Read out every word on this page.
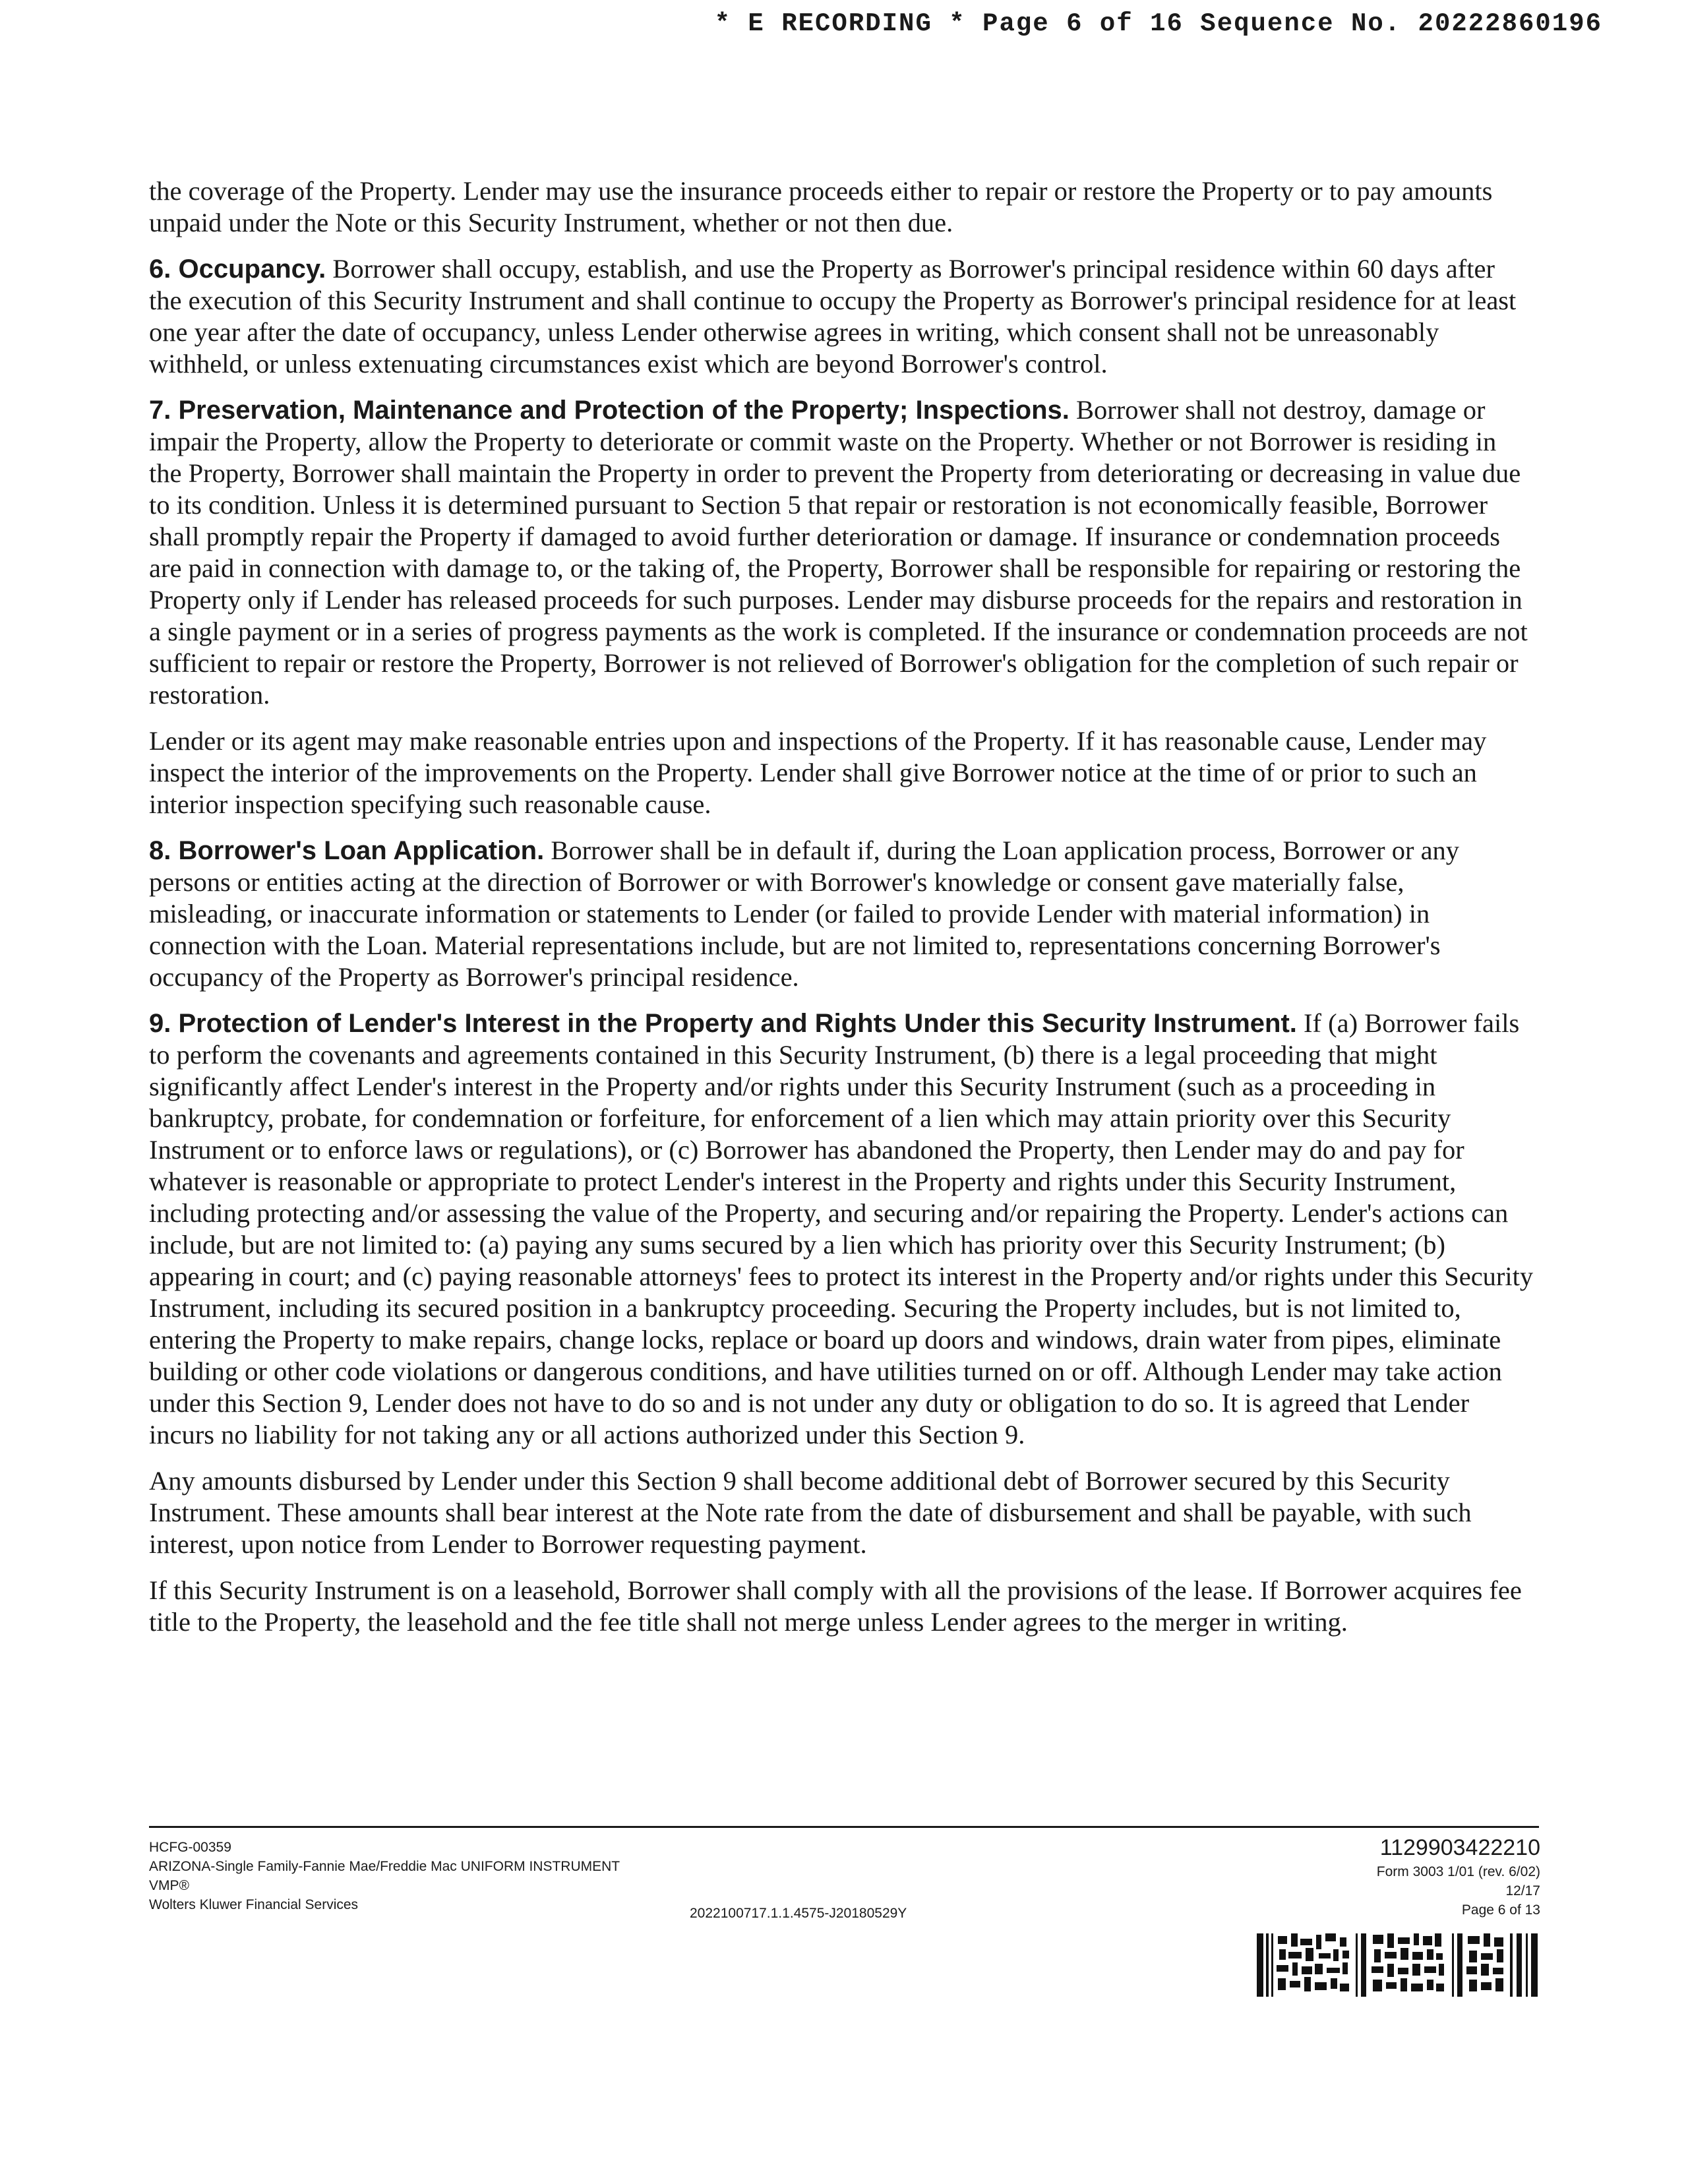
* E RECORDING * Page 6 of 16 Sequence No. 20222860196

the coverage of the Property. Lender may use the insurance proceeds either to repair or restore the Property or to pay amounts unpaid under the Note or this Security Instrument, whether or not then due.

6. Occupancy. Borrower shall occupy, establish, and use the Property as Borrower's principal residence within 60 days after the execution of this Security Instrument and shall continue to occupy the Property as Borrower's principal residence for at least one year after the date of occupancy, unless Lender otherwise agrees in writing, which consent shall not be unreasonably withheld, or unless extenuating circumstances exist which are beyond Borrower's control.

7. Preservation, Maintenance and Protection of the Property; Inspections. Borrower shall not destroy, damage or impair the Property, allow the Property to deteriorate or commit waste on the Property. Whether or not Borrower is residing in the Property, Borrower shall maintain the Property in order to prevent the Property from deteriorating or decreasing in value due to its condition. Unless it is determined pursuant to Section 5 that repair or restoration is not economically feasible, Borrower shall promptly repair the Property if damaged to avoid further deterioration or damage. If insurance or condemnation proceeds are paid in connection with damage to, or the taking of, the Property, Borrower shall be responsible for repairing or restoring the Property only if Lender has released proceeds for such purposes. Lender may disburse proceeds for the repairs and restoration in a single payment or in a series of progress payments as the work is completed. If the insurance or condemnation proceeds are not sufficient to repair or restore the Property, Borrower is not relieved of Borrower's obligation for the completion of such repair or restoration.

Lender or its agent may make reasonable entries upon and inspections of the Property. If it has reasonable cause, Lender may inspect the interior of the improvements on the Property. Lender shall give Borrower notice at the time of or prior to such an interior inspection specifying such reasonable cause.

8. Borrower's Loan Application. Borrower shall be in default if, during the Loan application process, Borrower or any persons or entities acting at the direction of Borrower or with Borrower's knowledge or consent gave materially false, misleading, or inaccurate information or statements to Lender (or failed to provide Lender with material information) in connection with the Loan. Material representations include, but are not limited to, representations concerning Borrower's occupancy of the Property as Borrower's principal residence.

9. Protection of Lender's Interest in the Property and Rights Under this Security Instrument. If (a) Borrower fails to perform the covenants and agreements contained in this Security Instrument, (b) there is a legal proceeding that might significantly affect Lender's interest in the Property and/or rights under this Security Instrument (such as a proceeding in bankruptcy, probate, for condemnation or forfeiture, for enforcement of a lien which may attain priority over this Security Instrument or to enforce laws or regulations), or (c) Borrower has abandoned the Property, then Lender may do and pay for whatever is reasonable or appropriate to protect Lender's interest in the Property and rights under this Security Instrument, including protecting and/or assessing the value of the Property, and securing and/or repairing the Property. Lender's actions can include, but are not limited to: (a) paying any sums secured by a lien which has priority over this Security Instrument; (b) appearing in court; and (c) paying reasonable attorneys' fees to protect its interest in the Property and/or rights under this Security Instrument, including its secured position in a bankruptcy proceeding. Securing the Property includes, but is not limited to, entering the Property to make repairs, change locks, replace or board up doors and windows, drain water from pipes, eliminate building or other code violations or dangerous conditions, and have utilities turned on or off. Although Lender may take action under this Section 9, Lender does not have to do so and is not under any duty or obligation to do so. It is agreed that Lender incurs no liability for not taking any or all actions authorized under this Section 9.

Any amounts disbursed by Lender under this Section 9 shall become additional debt of Borrower secured by this Security Instrument. These amounts shall bear interest at the Note rate from the date of disbursement and shall be payable, with such interest, upon notice from Lender to Borrower requesting payment.

If this Security Instrument is on a leasehold, Borrower shall comply with all the provisions of the lease. If Borrower acquires fee title to the Property, the leasehold and the fee title shall not merge unless Lender agrees to the merger in writing.

HCFG-00359
ARIZONA-Single Family-Fannie Mae/Freddie Mac UNIFORM INSTRUMENT
VMP®
Wolters Kluwer Financial Services
2022100717.1.1.4575-J20180529Y
1129903422210
Form 3003 1/01 (rev. 6/02)
12/17
Page 6 of 13
